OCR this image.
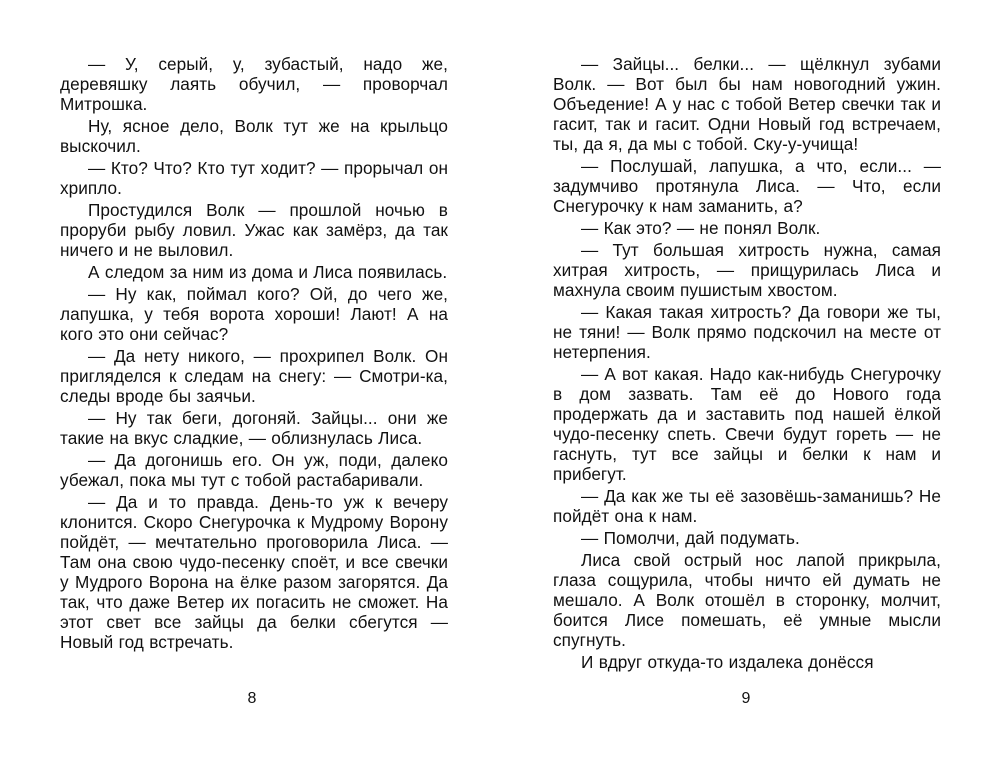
— У, серый, у, зубастый, надо же, деревяшку лаять обучил, — проворчал Митрошка.

Ну, ясное дело, Волк тут же на крыльцо выскочил.

— Кто? Что? Кто тут ходит? — прорычал он хрипло.

Простудился Волк — прошлой ночью в проруби рыбу ловил. Ужас как замёрз, да так ничего и не выловил.

А следом за ним из дома и Лиса появилась.

— Ну как, поймал кого? Ой, до чего же, лапушка, у тебя ворота хороши! Лают! А на кого это они сейчас?

— Да нету никого, — прохрипел Волк. Он пригляделся к следам на снегу: — Смотри-ка, следы вроде бы заячьи.

— Ну так беги, догоняй. Зайцы... они же такие на вкус сладкие, — облизнулась Лиса.

— Да догонишь его. Он уж, поди, далеко убежал, пока мы тут с тобой растабаривали.

— Да и то правда. День-то уж к вечеру клонится. Скоро Снегурочка к Мудрому Ворону пойдёт, — мечтательно проговорила Лиса. — Там она свою чудо-песенку споёт, и все свечки у Мудрого Ворона на ёлке разом загорятся. Да так, что даже Ветер их погасить не сможет. На этот свет все зайцы да белки сбегутся — Новый год встречать.

8

— Зайцы... белки... — щёлкнул зубами Волк. — Вот был бы нам новогодний ужин. Объедение! А у нас с тобой Ветер свечки так и гасит, так и гасит. Одни Новый год встречаем, ты, да я, да мы с тобой. Ску-у-учища!

— Послушай, лапушка, а что, если... — задумчиво протянула Лиса. — Что, если Снегурочку к нам заманить, а?

— Как это? — не понял Волк.

— Тут большая хитрость нужна, самая хитрая хитрость, — прищурилась Лиса и махнула своим пушистым хвостом.

— Какая такая хитрость? Да говори же ты, не тяни! — Волк прямо подскочил на месте от нетерпения.

— А вот какая. Надо как-нибудь Снегурочку в дом зазвать. Там её до Нового года продержать да и заставить под нашей ёлкой чудо-песенку спеть. Свечи будут гореть — не гаснуть, тут все зайцы и белки к нам и прибегут.

— Да как же ты её зазовёшь-заманишь? Не пойдёт она к нам.

— Помолчи, дай подумать.

Лиса свой острый нос лапой прикрыла, глаза сощурила, чтобы ничто ей думать не мешало. А Волк отошёл в сторонку, молчит, боится Лисе помешать, её умные мысли спугнуть.

И вдруг откуда-то издалека донёсся

9
